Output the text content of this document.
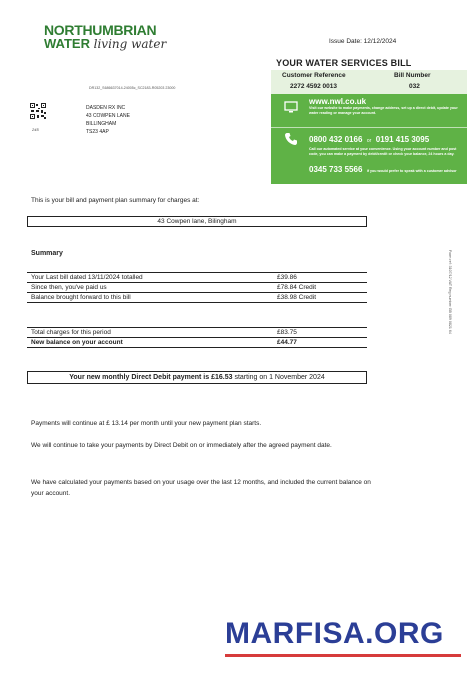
NORTHUMBRIAN
WATER living water	Issue Date: 12/12/2024
YOUR WATER SERVICES BILL
Customer Reference	Bill Number
2272 4592 0013	032
www.nwl.co.uk
Visit our website to make payments, change address, set up a direct debit, update your water reading or manage your account.
0800 432 0166 or 0191 415 3095
Call our automated service at your convenience. Using your account number and post code, you can make a payment by debit/credit or check your balance, 24 hours a day.
0345 733 5566 if you would prefer to speak with a customer advisor (8am-8pm Mon to Fri, 8am-1pm on Sat).
DR132_S686637014-24005c_SC2183-R05203 23000
245
DASDEN RX INC
43 COWPEN LANE
BILLINGHAM
TS23 4AP
This is your bill and payment plan summary for charges at:
43 Cowpen lane, Bilingham
Summary
Your Last bill dated 13/11/2024 totalled	£39.86
Since then, you've paid us	£78.84 Credit
Balance brought forward to this bill	£38.98 Credit
Total charges for this period	£83.75
New balance on your account	£44.77
Your new monthly Direct Debit payment is £16.53 starting on 1 November 2024
Payments will continue at £ 13.14 per month until your new payment plan starts.
We will continue to take your payments by Direct Debit on or immediately after the agreed payment date.
We have calculated your payments based on your usage over the last 12 months, and included the current balance on your account.
Form ref: 3107/12 VAT Reg number GB 089 0821 64
MARFISA.ORG
